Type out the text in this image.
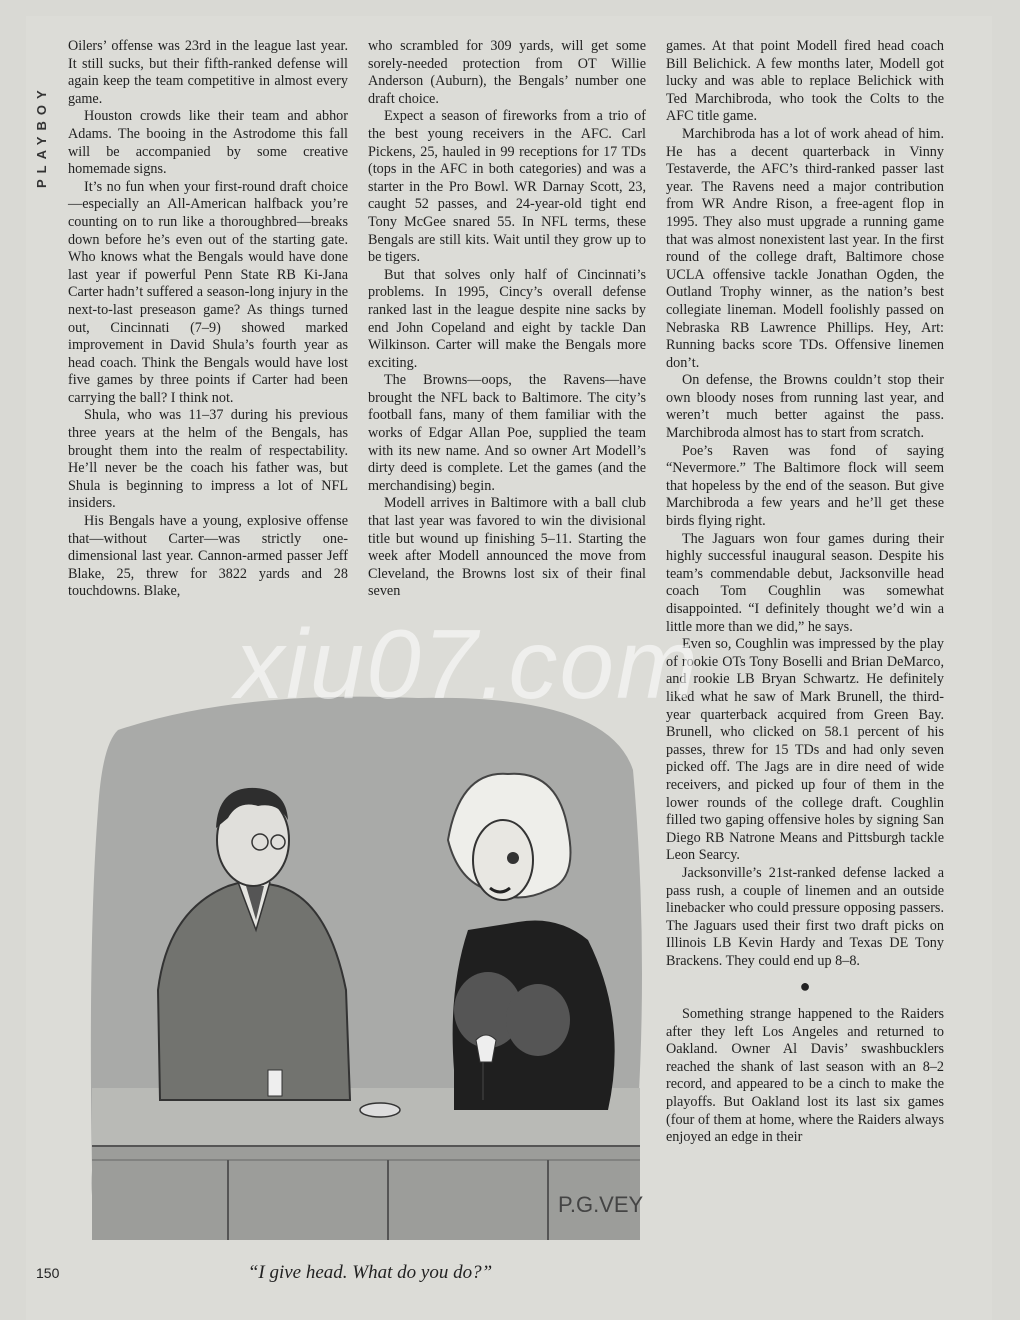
PLAYBOY

Oilers’ offense was 23rd in the league last year. It still sucks, but their fifth-ranked defense will again keep the team competitive in almost every game.

Houston crowds like their team and abhor Adams. The booing in the Astrodome this fall will be accompanied by some creative homemade signs.

It’s no fun when your first-round draft choice—especially an All-American halfback you’re counting on to run like a thoroughbred—breaks down before he’s even out of the starting gate. Who knows what the Bengals would have done last year if powerful Penn State RB Ki-Jana Carter hadn’t suffered a season-long injury in the next-to-last preseason game? As things turned out, Cincinnati (7–9) showed marked improvement in David Shula’s fourth year as head coach. Think the Bengals would have lost five games by three points if Carter had been carrying the ball? I think not.

Shula, who was 11–37 during his previous three years at the helm of the Bengals, has brought them into the realm of respectability. He’ll never be the coach his father was, but Shula is beginning to impress a lot of NFL insiders.

His Bengals have a young, explosive offense that—without Carter—was strictly one-dimensional last year. Cannon-armed passer Jeff Blake, 25, threw for 3822 yards and 28 touchdowns. Blake,

who scrambled for 309 yards, will get some sorely-needed protection from OT Willie Anderson (Auburn), the Bengals’ number one draft choice.

Expect a season of fireworks from a trio of the best young receivers in the AFC. Carl Pickens, 25, hauled in 99 receptions for 17 TDs (tops in the AFC in both categories) and was a starter in the Pro Bowl. WR Darnay Scott, 23, caught 52 passes, and 24-year-old tight end Tony McGee snared 55. In NFL terms, these Bengals are still kits. Wait until they grow up to be tigers.

But that solves only half of Cincinnati’s problems. In 1995, Cincy’s overall defense ranked last in the league despite nine sacks by end John Copeland and eight by tackle Dan Wilkinson. Carter will make the Bengals more exciting.

The Browns—oops, the Ravens—have brought the NFL back to Baltimore. The city’s football fans, many of them familiar with the works of Edgar Allan Poe, supplied the team with its new name. And so owner Art Modell’s dirty deed is complete. Let the games (and the merchandising) begin.

Modell arrives in Baltimore with a ball club that last year was favored to win the divisional title but wound up finishing 5–11. Starting the week after Modell announced the move from Cleveland, the Browns lost six of their final seven

games. At that point Modell fired head coach Bill Belichick. A few months later, Modell got lucky and was able to replace Belichick with Ted Marchibroda, who took the Colts to the AFC title game.

Marchibroda has a lot of work ahead of him. He has a decent quarterback in Vinny Testaverde, the AFC’s third-ranked passer last year. The Ravens need a major contribution from WR Andre Rison, a free-agent flop in 1995. They also must upgrade a running game that was almost nonexistent last year. In the first round of the college draft, Baltimore chose UCLA offensive tackle Jonathan Ogden, the Outland Trophy winner, as the nation’s best collegiate lineman. Modell foolishly passed on Nebraska RB Lawrence Phillips. Hey, Art: Running backs score TDs. Offensive linemen don’t.

On defense, the Browns couldn’t stop their own bloody noses from running last year, and weren’t much better against the pass. Marchibroda almost has to start from scratch.

Poe’s Raven was fond of saying “Nevermore.” The Baltimore flock will seem that hopeless by the end of the season. But give Marchibroda a few years and he’ll get these birds flying right.

The Jaguars won four games during their highly successful inaugural season. Despite his team’s commendable debut, Jacksonville head coach Tom Coughlin was somewhat disappointed. “I definitely thought we’d win a little more than we did,” he says.

Even so, Coughlin was impressed by the play of rookie OTs Tony Boselli and Brian DeMarco, and rookie LB Bryan Schwartz. He definitely liked what he saw of Mark Brunell, the third-year quarterback acquired from Green Bay. Brunell, who clicked on 58.1 percent of his passes, threw for 15 TDs and had only seven picked off. The Jags are in dire need of wide receivers, and picked up four of them in the lower rounds of the college draft. Coughlin filled two gaping offensive holes by signing San Diego RB Natrone Means and Pittsburgh tackle Leon Searcy.

Jacksonville’s 21st-ranked defense lacked a pass rush, a couple of linemen and an outside linebacker who could pressure opposing passers. The Jaguars used their first two draft picks on Illinois LB Kevin Hardy and Texas DE Tony Brackens. They could end up 8–8.

●

Something strange happened to the Raiders after they left Los Angeles and returned to Oakland. Owner Al Davis’ swashbucklers reached the shank of last season with an 8–2 record, and appeared to be a cinch to make the playoffs. But Oakland lost its last six games (four of them at home, where the Raiders always enjoyed an edge in their

P.G.VEY
“I give head. What do you do?”
150
xiu07.com
